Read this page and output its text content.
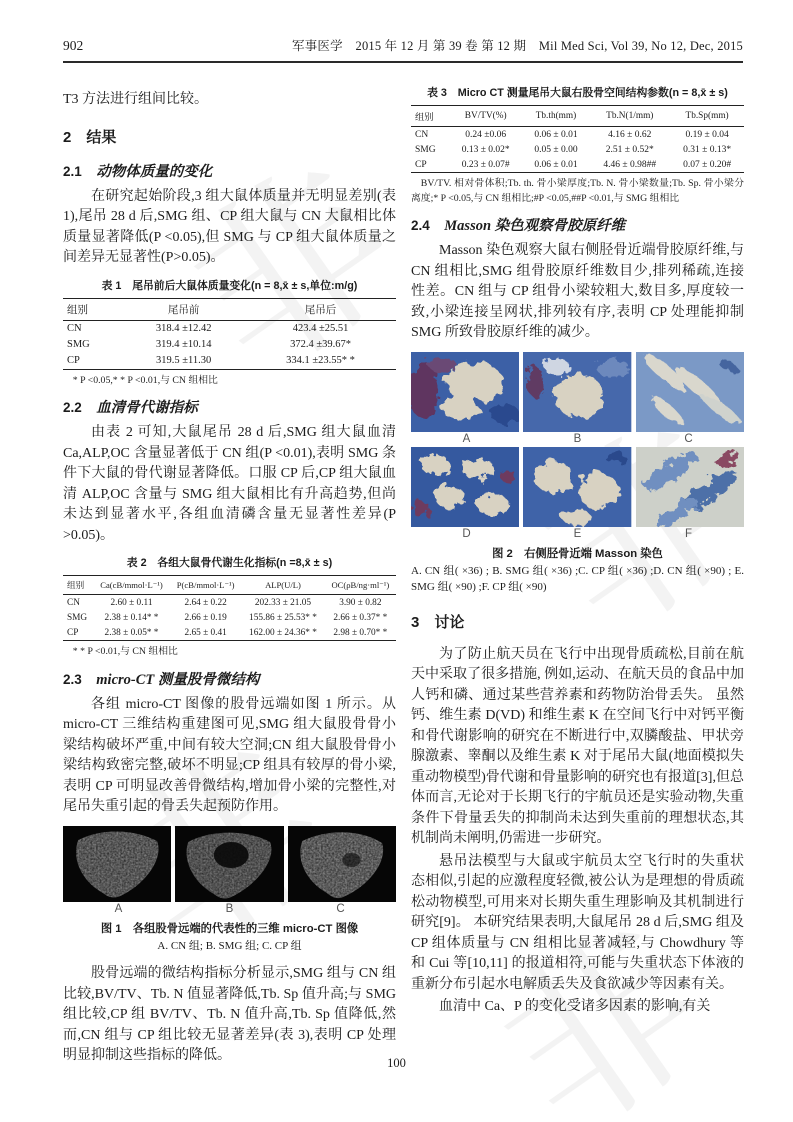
902	军事医学　2015 年 12 月 第 39 卷 第 12 期　Mil Med Sci, Vol 39, No 12, Dec, 2015

T3 方法进行组间比较。

2　结果
2.1　 动物体质量的变化

在研究起始阶段,3 组大鼠体质量并无明显差别(表 1),尾吊 28 d 后,SMG 组、CP 组大鼠与 CN 大鼠相比体质量显著降低(P <0.05),但 SMG 与 CP 组大鼠体质量之间差异无显著性(P>0.05)。

表 1　尾吊前后大鼠体质量变化(n = 8,x̄ ± s,单位:m/g)
组别	尾吊前	尾吊后
CN	318.4 ±12.42	423.4 ±25.51
SMG	319.4 ±10.14	372.4 ±39.67*
CP	319.5 ±11.30	334.1 ±23.55* *
* P <0.05,* * P <0.01,与 CN 组相比
2.2　 血清骨代谢指标

由表 2 可知,大鼠尾吊 28 d 后,SMG 组大鼠血清 Ca,ALP,OC 含量显著低于 CN 组(P <0.01),表明 SMG 条件下大鼠的骨代谢显著降低。口服 CP 后,CP 组大鼠血清 ALP,OC 含量与 SMG 组大鼠相比有升高趋势,但尚未达到显著水平,各组血清磷含量无显著性差异(P >0.05)。

表 2　各组大鼠骨代谢生化指标(n =8,x̄ ± s)
组别	Ca(cB/mmol·L⁻¹)	P(cB/mmol·L⁻¹)	ALP(U/L)	OC(ρB/ng·ml⁻¹)
CN	2.60 ± 0.11	2.64 ± 0.22	202.33 ± 21.05	3.90 ± 0.82
SMG	2.38 ± 0.14* *	2.66 ± 0.19	155.86 ± 25.53* *	2.66 ± 0.37* *
CP	2.38 ± 0.05* *	2.65 ± 0.41	162.00 ± 24.36* *	2.98 ± 0.70* *
* * P <0.01,与 CN 组相比
2.3　 micro-CT 测量股骨微结构

各组 micro-CT 图像的股骨远端如图 1 所示。从 micro-CT 三维结构重建图可见,SMG 组大鼠股骨骨小梁结构破坏严重,中间有较大空洞;CN 组大鼠股骨骨小梁结构致密完整,破坏不明显;CP 组具有较厚的骨小梁,表明 CP 可明显改善骨微结构,增加骨小梁的完整性,对尾吊失重引起的骨丢失起预防作用。

A	B	C
图 1　各组股骨远端的代表性的三维 micro-CT 图像
A. CN 组; B. SMG 组; C. CP 组

股骨远端的微结构指标分析显示,SMG 组与 CN 组比较,BV/TV、Tb. N 值显著降低,Tb. Sp 值升高;与 SMG 组比较,CP 组 BV/TV、Tb. N 值升高,Tb. Sp 值降低,然而,CN 组与 CP 组比较无显著差异(表 3),表明 CP 处理明显抑制这些指标的降低。

表 3　Micro CT 测量尾吊大鼠右股骨空间结构参数(n = 8,x̄ ± s)
组别	BV/TV(%)	Tb.th(mm)	Tb.N(1/mm)	Tb.Sp(mm)
CN	0.24 ±0.06	0.06 ± 0.01	4.16 ± 0.62	0.19 ± 0.04
SMG	0.13 ± 0.02*	0.05 ± 0.00	2.51 ± 0.52*	0.31 ± 0.13*
CP	0.23 ± 0.07#	0.06 ± 0.01	4.46 ± 0.98##	0.07 ± 0.20#
BV/TV. 相对骨体积;Tb. th. 骨小梁厚度;Tb. N. 骨小梁数量;Tb. Sp. 骨小梁分离度;* P <0.05,与 CN 组相比;#P <0.05,##P <0.01,与 SMG 组相比
2.4　 Masson 染色观察骨胶原纤维

Masson 染色观察大鼠右侧胫骨近端骨胶原纤维,与 CN 组相比,SMG 组骨胶原纤维数目少,排列稀疏,连接性差。CN 组与 CP 组骨小梁较粗大,数目多,厚度较一致,小梁连接呈网状,排列较有序,表明 CP 处理能抑制 SMG 所致骨胶原纤维的减少。

A	B	C
D	E	F
图 2　右侧胫骨近端 Masson 染色
A. CN 组( ×36) ; B. SMG 组( ×36) ;C. CP 组( ×36) ;D. CN 组( ×90) ; E. SMG 组( ×90) ;F. CP 组( ×90)
3　讨论

为了防止航天员在飞行中出现骨质疏松,目前在航天中采取了很多措施, 例如,运动、在航天员的食品中加人钙和磷、通过某些营养素和药物防治骨丢失。 虽然钙、维生素 D(VD) 和维生素 K 在空间飞行中对钙平衡和骨代谢影响的研究在不断进行中,双膦酸盐、甲状旁腺激素、睾酮以及维生素 K 对于尾吊大鼠(地面模拟失重动物模型)骨代谢和骨量影响的研究也有报道[3],但总体而言,无论对于长期飞行的宇航员还是实验动物,失重条件下骨量丢失的抑制尚未达到失重前的理想状态,其机制尚未阐明,仍需进一步研究。

悬吊法模型与大鼠或宇航员太空飞行时的失重状态相似,引起的应激程度轻微,被公认为是理想的骨质疏松动物模型,可用来对长期失重生理影响及其机制进行研究[9]。 本研究结果表明,大鼠尾吊 28 d 后,SMG 组及 CP 组体质量与 CN 组相比显著减轻,与 Chowdhury 等和 Cui 等[10,11] 的报道相符,可能与失重状态下体液的重新分布引起水电解质丢失及食欲减少等因素有关。

血清中 Ca、P 的变化受诸多因素的影响,有关

100
